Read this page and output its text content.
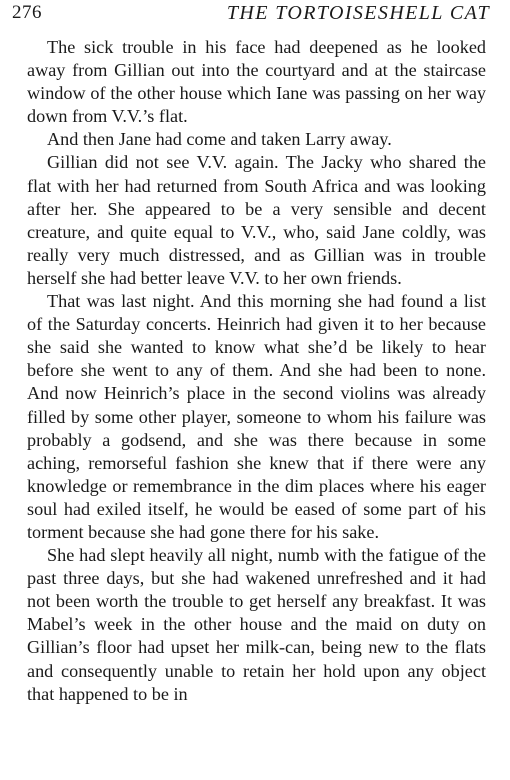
276	THE TORTOISESHELL CAT

The sick trouble in his face had deepened as he looked away from Gillian out into the courtyard and at the staircase window of the other house which Iane was passing on her way down from V.V.’s flat.

And then Jane had come and taken Larry away.

Gillian did not see V.V. again. The Jacky who shared the flat with her had returned from South Africa and was looking after her. She appeared to be a very sensible and decent creature, and quite equal to V.V., who, said Jane coldly, was really very much distressed, and as Gillian was in trouble herself she had better leave V.V. to her own friends.

That was last night. And this morning she had found a list of the Saturday concerts. Heinrich had given it to her because she said she wanted to know what she’d be likely to hear before she went to any of them. And she had been to none. And now Heinrich’s place in the second violins was already filled by some other player, someone to whom his failure was probably a godsend, and she was there because in some aching, remorseful fashion she knew that if there were any knowledge or remembrance in the dim places where his eager soul had exiled itself, he would be eased of some part of his torment because she had gone there for his sake.

She had slept heavily all night, numb with the fatigue of the past three days, but she had wakened unrefreshed and it had not been worth the trouble to get herself any breakfast. It was Mabel’s week in the other house and the maid on duty on Gillian’s floor had upset her milk-can, being new to the flats and consequently unable to retain her hold upon any object that happened to be in
